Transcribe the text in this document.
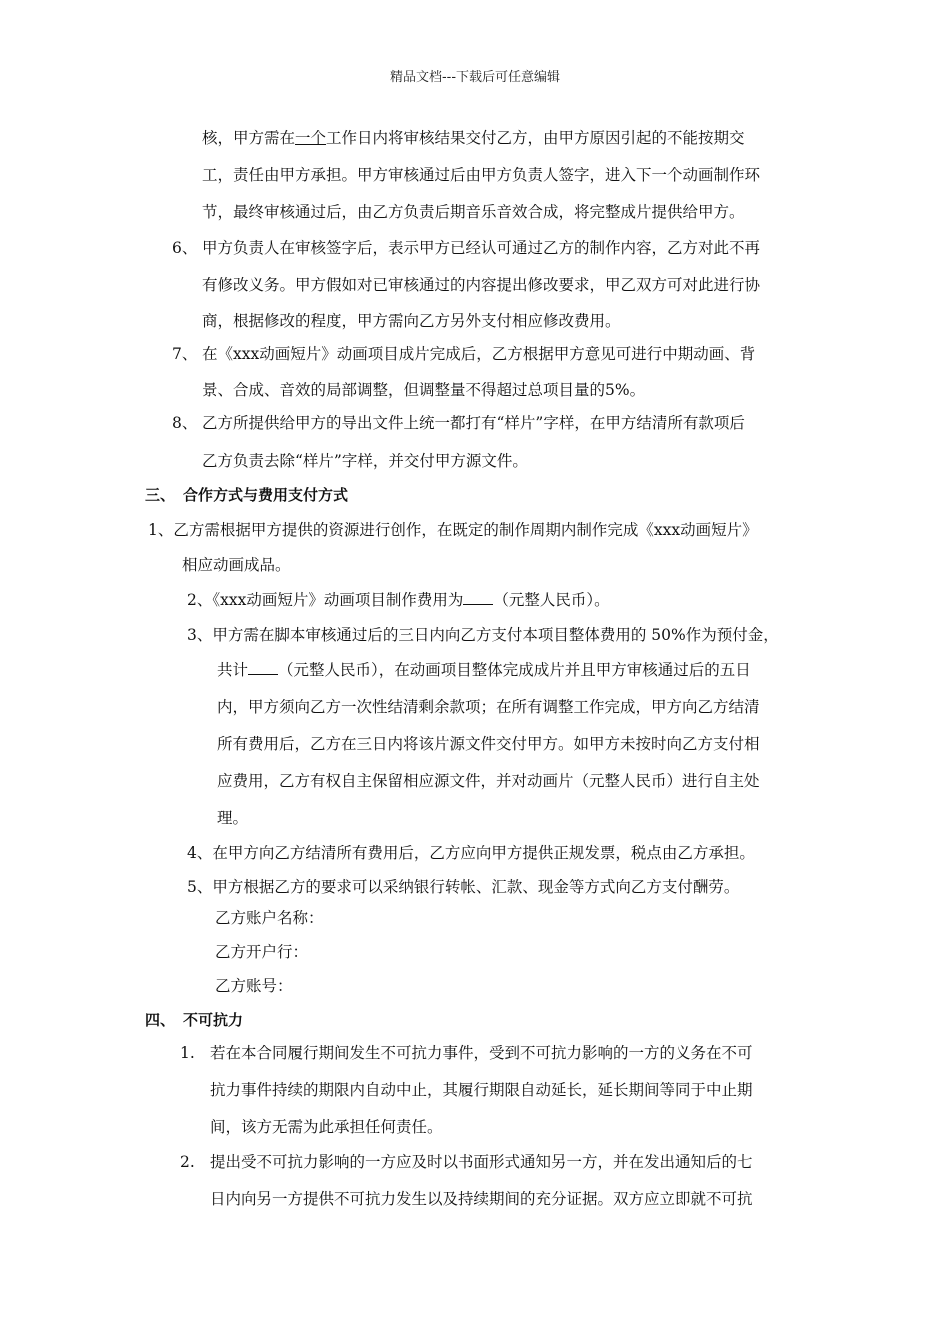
精品文档---下载后可任意编辑
核，甲方需在一个工作日内将审核结果交付乙方，由甲方原因引起的不能按期交
工，责任由甲方承担。甲方审核通过后由甲方负责人签字，进入下一个动画制作环
节，最终审核通过后，由乙方负责后期音乐音效合成，将完整成片提供给甲方。
6、 甲方负责人在审核签字后，表示甲方已经认可通过乙方的制作内容，乙方对此不再
有修改义务。甲方假如对已审核通过的内容提出修改要求，甲乙双方可对此进行协
商，根据修改的程度，甲方需向乙方另外支付相应修改费用。
7、 在《xxx动画短片》动画项目成片完成后，乙方根据甲方意见可进行中期动画、背
景、合成、音效的局部调整，但调整量不得超过总项目量的5%。
8、 乙方所提供给甲方的导出文件上统一都打有“样片”字样，在甲方结清所有款项后
乙方负责去除“样片”字样，并交付甲方源文件。
三、 合作方式与费用支付方式
1、乙方需根据甲方提供的资源进行创作，在既定的制作周期内制作完成《xxx动画短片》
相应动画成品。
2、《xxx动画短片》动画项目制作费用为 （元整人民币）。
3、甲方需在脚本审核通过后的三日内向乙方支付本项目整体费用的 50%作为预付金，
共计 （元整人民币），在动画项目整体完成成片并且甲方审核通过后的五日
内，甲方须向乙方一次性结清剩余款项；在所有调整工作完成，甲方向乙方结清
所有费用后，乙方在三日内将该片源文件交付甲方。如甲方未按时向乙方支付相
应费用，乙方有权自主保留相应源文件，并对动画片（元整人民币）进行自主处
理。
4、在甲方向乙方结清所有费用后，乙方应向甲方提供正规发票，税点由乙方承担。
5、甲方根据乙方的要求可以采纳银行转帐、汇款、现金等方式向乙方支付酬劳。
乙方账户名称：
乙方开户行：
乙方账号：
四、 不可抗力
1. 若在本合同履行期间发生不可抗力事件，受到不可抗力影响的一方的义务在不可
抗力事件持续的期限内自动中止，其履行期限自动延长，延长期间等同于中止期
间，该方无需为此承担任何责任。
2. 提出受不可抗力影响的一方应及时以书面形式通知另一方，并在发出通知后的七
日内向另一方提供不可抗力发生以及持续期间的充分证据。双方应立即就不可抗
